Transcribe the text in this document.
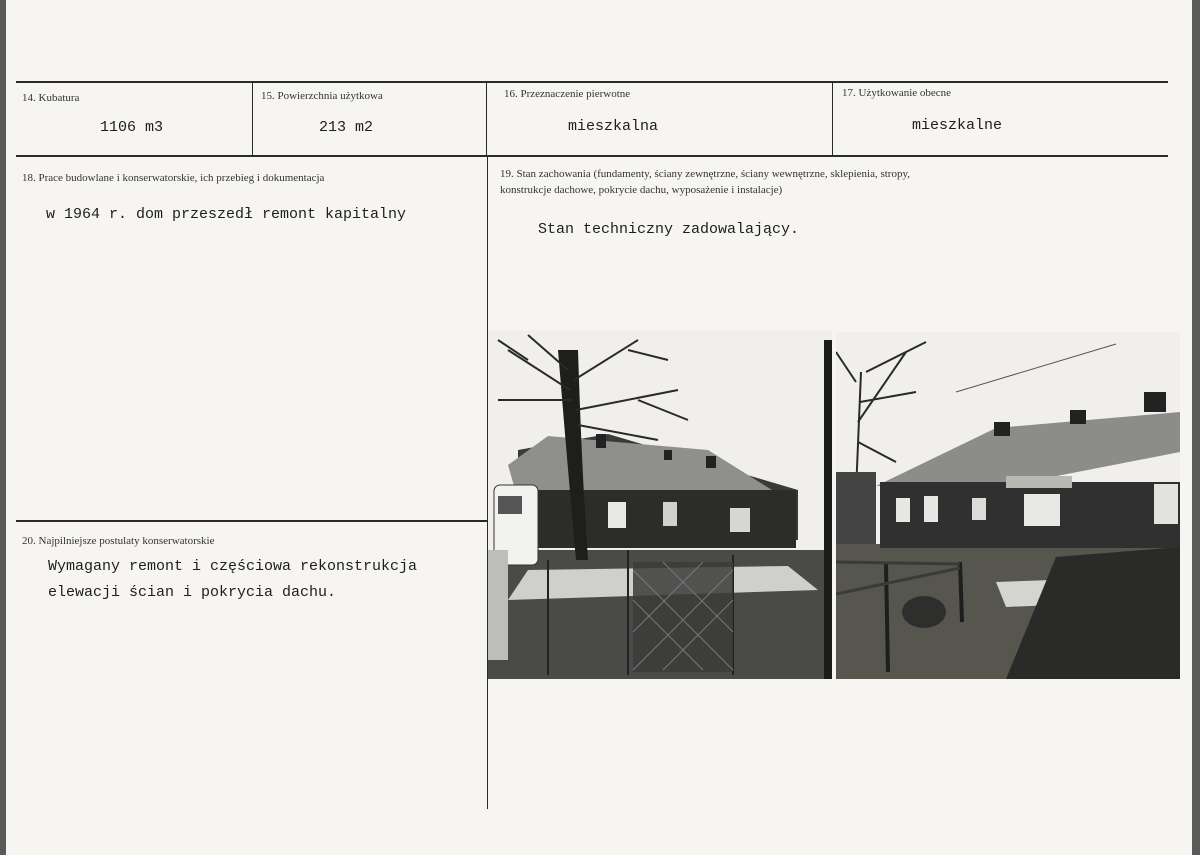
14. Kubatura
1106 m3
15. Powierzchnia użytkowa
213 m2
16. Przeznaczenie pierwotne
mieszkalna
17. Użytkowanie obecne
mieszkalne
18. Prace budowlane i konserwatorskie, ich przebieg i dokumentacja
w 1964 r. dom przeszedł remont kapitalny
19. Stan zachowania (fundamenty, ściany zewnętrzne, ściany wewnętrzne, sklepienia, stropy,
konstrukcje dachowe, pokrycie dachu, wyposażenie i instalacje)
Stan techniczny zadowalający.
20. Najpilniejsze postulaty konserwatorskie
Wymagany remont i częściowa rekonstrukcja
elewacji ścian i pokrycia dachu.
